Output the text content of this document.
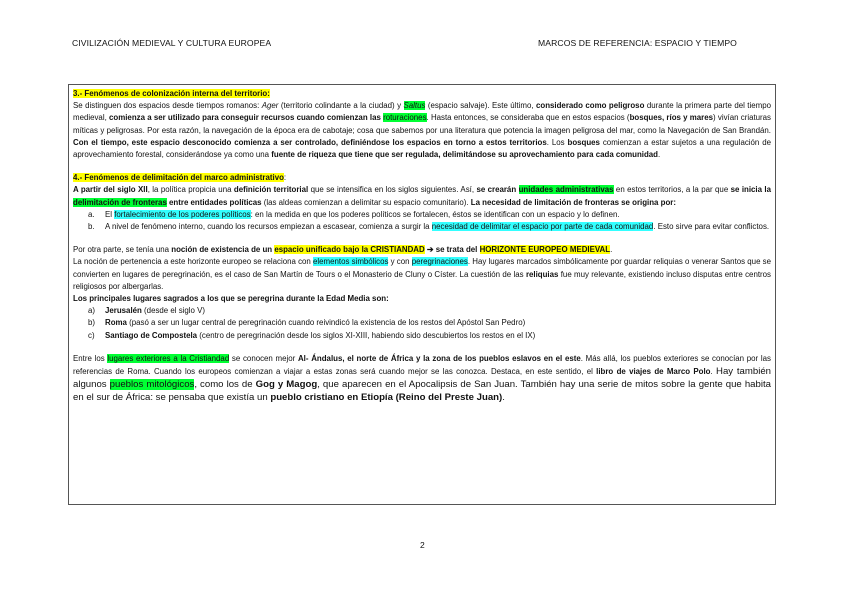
CIVILIZACIÓN MEDIEVAL Y CULTURA EUROPEA	MARCOS DE REFERENCIA: ESPACIO Y TIEMPO

3.- Fenómenos de colonización interna del territorio:

Se distinguen dos espacios desde tiempos romanos: Ager (territorio colindante a la ciudad) y Saltus (espacio salvaje). Este último, considerado como peligroso durante la primera parte del tiempo medieval, comienza a ser utilizado para conseguir recursos cuando comienzan las roturaciones. Hasta entonces, se consideraba que en estos espacios (bosques, ríos y mares) vivían criaturas míticas y peligrosas. Por esta razón, la navegación de la época era de cabotaje; cosa que sabemos por una literatura que potencia la imagen peligrosa del mar, como la Navegación de San Brandán. Con el tiempo, este espacio desconocido comienza a ser controlado, definiéndose los espacios en torno a estos territorios. Los bosques comienzan a estar sujetos a una regulación de aprovechamiento forestal, considerándose ya como una fuente de riqueza que tiene que ser regulada, delimitándose su aprovechamiento para cada comunidad.

4.- Fenómenos de delimitación del marco administrativo:

A partir del siglo XII, la política propicia una definición territorial que se intensifica en los siglos siguientes. Así, se crearán unidades administrativas en estos territorios, a la par que se inicia la delimitación de fronteras entre entidades políticas (las aldeas comienzan a delimitar su espacio comunitario). La necesidad de limitación de fronteras se origina por:

a. El fortalecimiento de los poderes políticos: en la medida en que los poderes políticos se fortalecen, éstos se identifican con un espacio y lo definen.
b. A nivel de fenómeno interno, cuando los recursos empiezan a escasear, comienza a surgir la necesidad de delimitar el espacio por parte de cada comunidad. Esto sirve para evitar conflictos.

Por otra parte, se tenía una noción de existencia de un espacio unificado bajo la CRISTIANDAD ➔ se trata del HORIZONTE EUROPEO MEDIEVAL.

La noción de pertenencia a este horizonte europeo se relaciona con elementos simbólicos y con peregrinaciones. Hay lugares marcados simbólicamente por guardar reliquias o venerar Santos que se convierten en lugares de peregrinación, es el caso de San Martín de Tours o el Monasterio de Cluny o Císter. La cuestión de las reliquias fue muy relevante, existiendo incluso disputas entre centros religiosos por albergarlas.

Los principales lugares sagrados a los que se peregrina durante la Edad Media son:

a) Jerusalén (desde el siglo V)
b) Roma (pasó a ser un lugar central de peregrinación cuando reivindicó la existencia de los restos del Apóstol San Pedro)
c) Santiago de Compostela (centro de peregrinación desde los siglos XI-XIII, habiendo sido descubiertos los restos en el IX)

Entre los lugares exteriores a la Cristiandad se conocen mejor Al- Ándalus, el norte de África y la zona de los pueblos eslavos en el este. Más allá, los pueblos exteriores se conocían por las referencias de Roma. Cuando los europeos comienzan a viajar a estas zonas será cuando mejor se las conozca. Destaca, en este sentido, el libro de viajes de Marco Polo. Hay también algunos pueblos mitológicos, como los de Gog y Magog, que aparecen en el Apocalipsis de San Juan. También hay una serie de mitos sobre la gente que habita en el sur de África: se pensaba que existía un pueblo cristiano en Etiopía (Reino del Preste Juan).

2
